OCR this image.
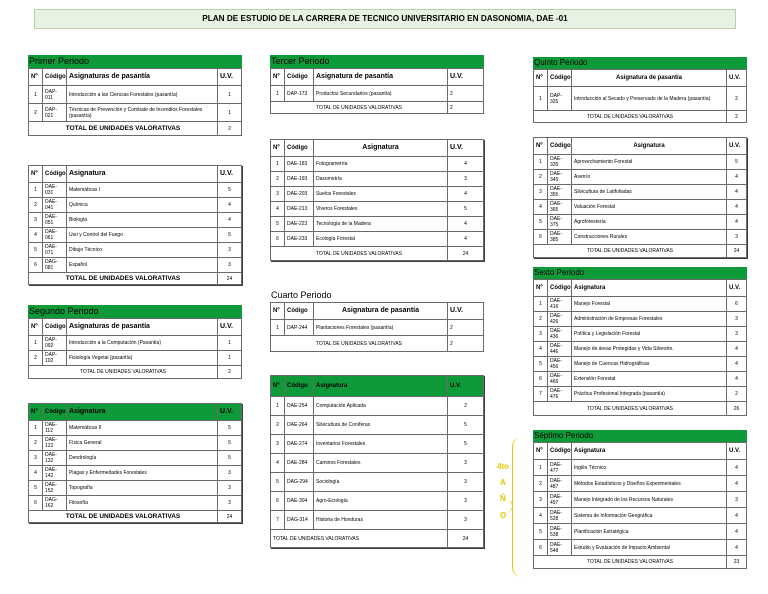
PLAN DE ESTUDIO DE LA CARRERA DE TECNICO UNIVERSITARIO EN DASONOMIA, DAE -01
Primer Periodo
Nº	Código	Asignaturas de pasantía	U.V.
1	DAP-011	Introducción a las Ciencias Forestales (pasantía)	1
2	DAP-021	Técnicas de Prevención y Combate de Incendios Forestales (pasantía)	1
TOTAL DE UNIDADES VALORATIVAS			2
Nº	Código	Asignatura	U.V.
1	DAE-031	Matemáticas I	5
2	DAE-041	Química	4
3	DAE-051	Biología	4
4	DAE-061	Uso y Control del Fuego	5
5	DAE-071	Dibujo Técnico	3
6	DAG-081	Español	3
TOTAL DE UNIDADES VALORATIVAS			24
Segundo Periodo
Nº	Código	Asignaturas de pasantía	U.V.
1	DAP-092	Introducción a la Computación (Pasantía)	1
2	DAP-102	Fisiología Vegetal (pasantía)	1
TOTAL DE UNIDADES VALORATIVAS			2
Nº	Código	Asignatura	U.V.
1	DAE-112	Matemáticas II	5
2	DAE-122	Física General	5
3	DAE-132	Dendrología	5
4	DAE-142	Plagas y Enfermedades Forestales	3
5	DAE-152	Topografía	3
6	DAG-162	Filosofía	3
TOTAL DE UNIDADES VALORATIVAS			24
Tercer Periodo
Nº	Código	Asignatura de pasantía	U.V.
1	DAP-173	Productos Secundarios (pasantía)	2
TOTAL DE UNIDADES VALORATIVAS			2
Nº	Código	Asignatura	U.V.
1	DAE-183	Fotogrametría	4
2	DAE-193	Dasometría	3
3	DAE-203	Suelos Forestales	4
4	DAE-213	Viveros Forestales	5
5	DAE-223	Tecnología de la Madera	4
6	DAE-233	Ecología Forestal	4
TOTAL DE UNIDADES VALORATIVAS			24
Cuarto Periodo
Nº	Código	Asignatura de pasantía	U.V.
1	DAP-244	Plantaciones Forestales (pasantía)	2
TOTAL DE UNIDADES VALORATIVAS			2
Nº	Código	Asignatura	U.V.
1	DAE-254	Computación Aplicada	2
2	DAE-264	Silvicultura de Coníferas	5
3	DAE-274	Inventarios Forestales	5
4	DAE-284	Caminos Forestales	3
5	DAG-294	Sociología	3
6	DAE-304	Agro-Ecología	3
7	DAG-314	Historia de Honduras	3
TOTAL DE UNIDADES VALORATIVAS			24
Quinto Periodo
Nº	Código	Asignatura de pasantía	U.V.
1	DAP-325	Introducción al Secado y Preservado de la Madera (pasantía)	2
TOTAL DE UNIDADES VALORATIVAS			2
Nº	Código	Asignatura	U.V.
1	DAE-335	Aprovechamiento Forestal	5
2	DAE-345	Aserrío	4
3	DAE-355	Silvicultura de Latifoliadas	4
4	DAE-365	Valuación Forestal	4
5	DAE-375	Agroforestería	4
6	DAE-385	Construcciones Rurales	3
TOTAL DE UNIDADES VALORATIVAS			24
Sexto Periodo
Nº	Código	Asignatura	U.V.
1	DAE-416	Manejo Forestal	6
2	DAE-426	Administración de Empresas Forestales	3
3	DAE-436	Política y Legislación Forestal	3
4	DAE-446	Manejo de áreas Protegidas y Vida Silvestre.	4
5	DAE-456	Manejo de Cuencas Hidrográficas	4
6	DAE-466	Extensión Forestal	4
7	DAE-476	Práctica Profesional Integrada (pasantía)	2
TOTAL DE UNIDADES VALORATIVAS			26
Séptimo Periodo
Nº	Código	Asignatura	U.V.
1	DAE-477	Inglés Técnico	4
2	DAE-487	Métodos Estadísticos y Diseños Experimentales	4
3	DAE-497	Manejo Integrado de los Recursos Naturales	3
4	DAE-528	Sistema de Información Geográfica	4
5	DAE-538	Planificación Estratégica	4
6	DAE-548	Estudio y Evaluación de Impacto Ambiental	4
TOTAL DE UNIDADES VALORATIVAS			23
4to
A
Ñ
O
